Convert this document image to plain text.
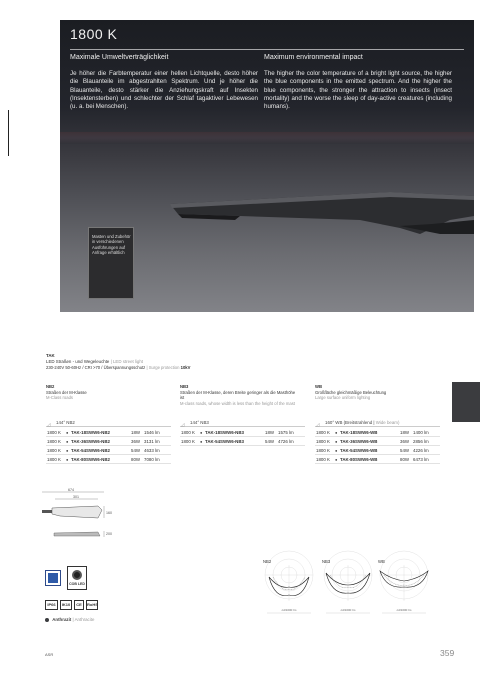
1800 K
Maximale Umweltverträglichkeit	Maximum environmental impact
Je höher die Farbtemperatur einer hellen Lichtquelle, desto höher die Blauanteile im abgestrahlten Spektrum. Und je höher die Blauanteile, desto stärker die Anziehungskraft auf Insekten (Insektensterben) und schlechter der Schlaf tagaktiver Lebewesen (u. a. bei Menschen).
The higher the color temperature of a bright light source, the higher the blue components in the emitted spectrum. And the higher the blue components, the stronger the attraction to insects (insect mortality) and the worse the sleep of day-active creatures (including humans).
Masten und Zubehör in verschiedenen Ausführungen auf Anfrage erhältlich
TAK
LED Straßen - und Wegeleuchte | LED street light
230-240V 50-60Hz / CRI >70 / Überspannungsschutz | Surge protection 10kV
NB2
Straßen der M-Klasse
M-Class roads
NB3
Straßen der M-Klasse, deren Breite geringer als die Masthöhe ist
M-class roads, whose width is less than the height of the mast
WB
Großfläche gleichmäßige Beleuchtung
Large surface uniform lighting
◿ 144° NB2	◿ 144° NB3	◿ 160° WB (Breitstrahlend | Wide beam)
1800 K ● TAK-18SWW6-NB2	18W 1546 lm
1800 K ● TAK-36SWW6-NB2	36W 3131 lm
1800 K ● TAK-54SWW6-NB2	54W 4633 lm
1800 K ● TAK-80SWW6-NB2	80W 7080 lm
1800 K ● TAK-18SWW6-NB3	18W 1575 lm
1800 K ● TAK-54SWW6-NB3	54W 4726 lm
1800 K ● TAK-18SWW6-WB	18W 1400 lm
1800 K ● TAK-36SWW6-WB	36W 2856 lm
1800 K ● TAK-54SWW6-WB	54W 4226 lm
1800 K ● TAK-80SWW6-WB	80W 6473 lm
674
301
160
200
COB LED
IP66	IK10	CE	RoHS
Anthrazit | Anthracite
NB2
cd/1000 lm
NB3
cd/1000 lm
WB
cd/1000 lm
ASR	359
